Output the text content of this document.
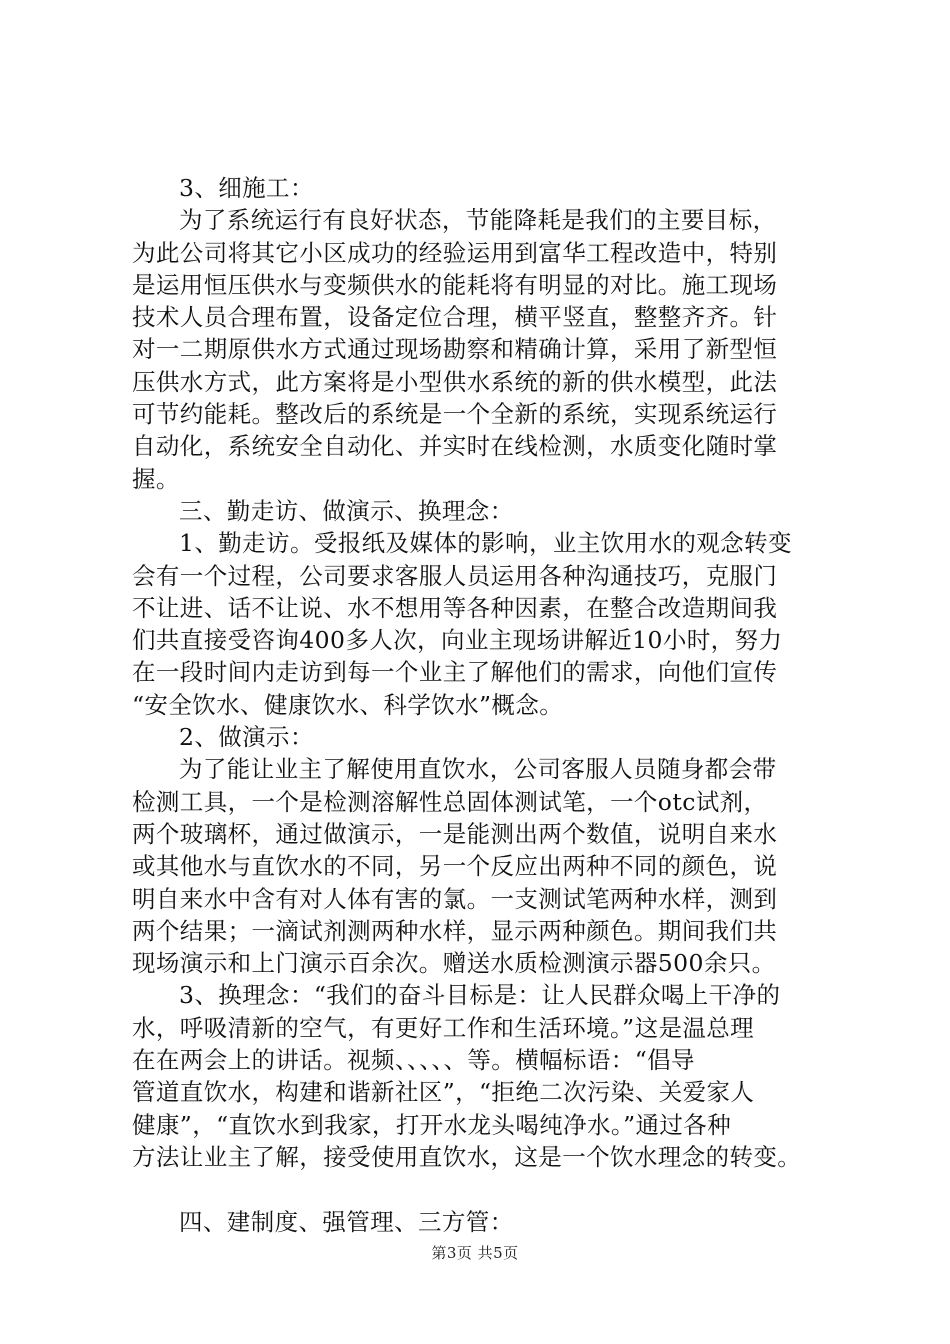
3、细施工：
为了系统运行有良好状态，节能降耗是我们的主要目标，
为此公司将其它小区成功的经验运用到富华工程改造中，特别
是运用恒压供水与变频供水的能耗将有明显的对比。施工现场
技术人员合理布置，设备定位合理，横平竖直，整整齐齐。针
对一二期原供水方式通过现场勘察和精确计算，采用了新型恒
压供水方式，此方案将是小型供水系统的新的供水模型，此法
可节约能耗。整改后的系统是一个全新的系统，实现系统运行
自动化，系统安全自动化、并实时在线检测，水质变化随时掌
握。
三、勤走访、做演示、换理念：
1、勤走访。受报纸及媒体的影响，业主饮用水的观念转变
会有一个过程，公司要求客服人员运用各种沟通技巧，克服门
不让进、话不让说、水不想用等各种因素，在整合改造期间我
们共直接受咨询400多人次，向业主现场讲解近10小时，努力
在一段时间内走访到每一个业主了解他们的需求，向他们宣传
“安全饮水、健康饮水、科学饮水”概念。
2、做演示：
为了能让业主了解使用直饮水，公司客服人员随身都会带
检测工具，一个是检测溶解性总固体测试笔，一个otc试剂，
两个玻璃杯，通过做演示，一是能测出两个数值，说明自来水
或其他水与直饮水的不同，另一个反应出两种不同的颜色，说
明自来水中含有对人体有害的氯。一支测试笔两种水样，测到
两个结果；一滴试剂测两种水样，显示两种颜色。期间我们共
现场演示和上门演示百余次。赠送水质检测演示器500余只。
3、换理念：“我们的奋斗目标是：让人民群众喝上干净的
水，呼吸清新的空气，有更好工作和生活环境。”这是温总理
在在两会上的讲话。视频、、、、、等。横幅标语：“倡导
管道直饮水，构建和谐新社区”，“拒绝二次污染、关爱家人
健康”，“直饮水到我家，打开水龙头喝纯净水。”通过各种
方法让业主了解，接受使用直饮水，这是一个饮水理念的转变。
四、建制度、强管理、三方管：
第3页 共5页
